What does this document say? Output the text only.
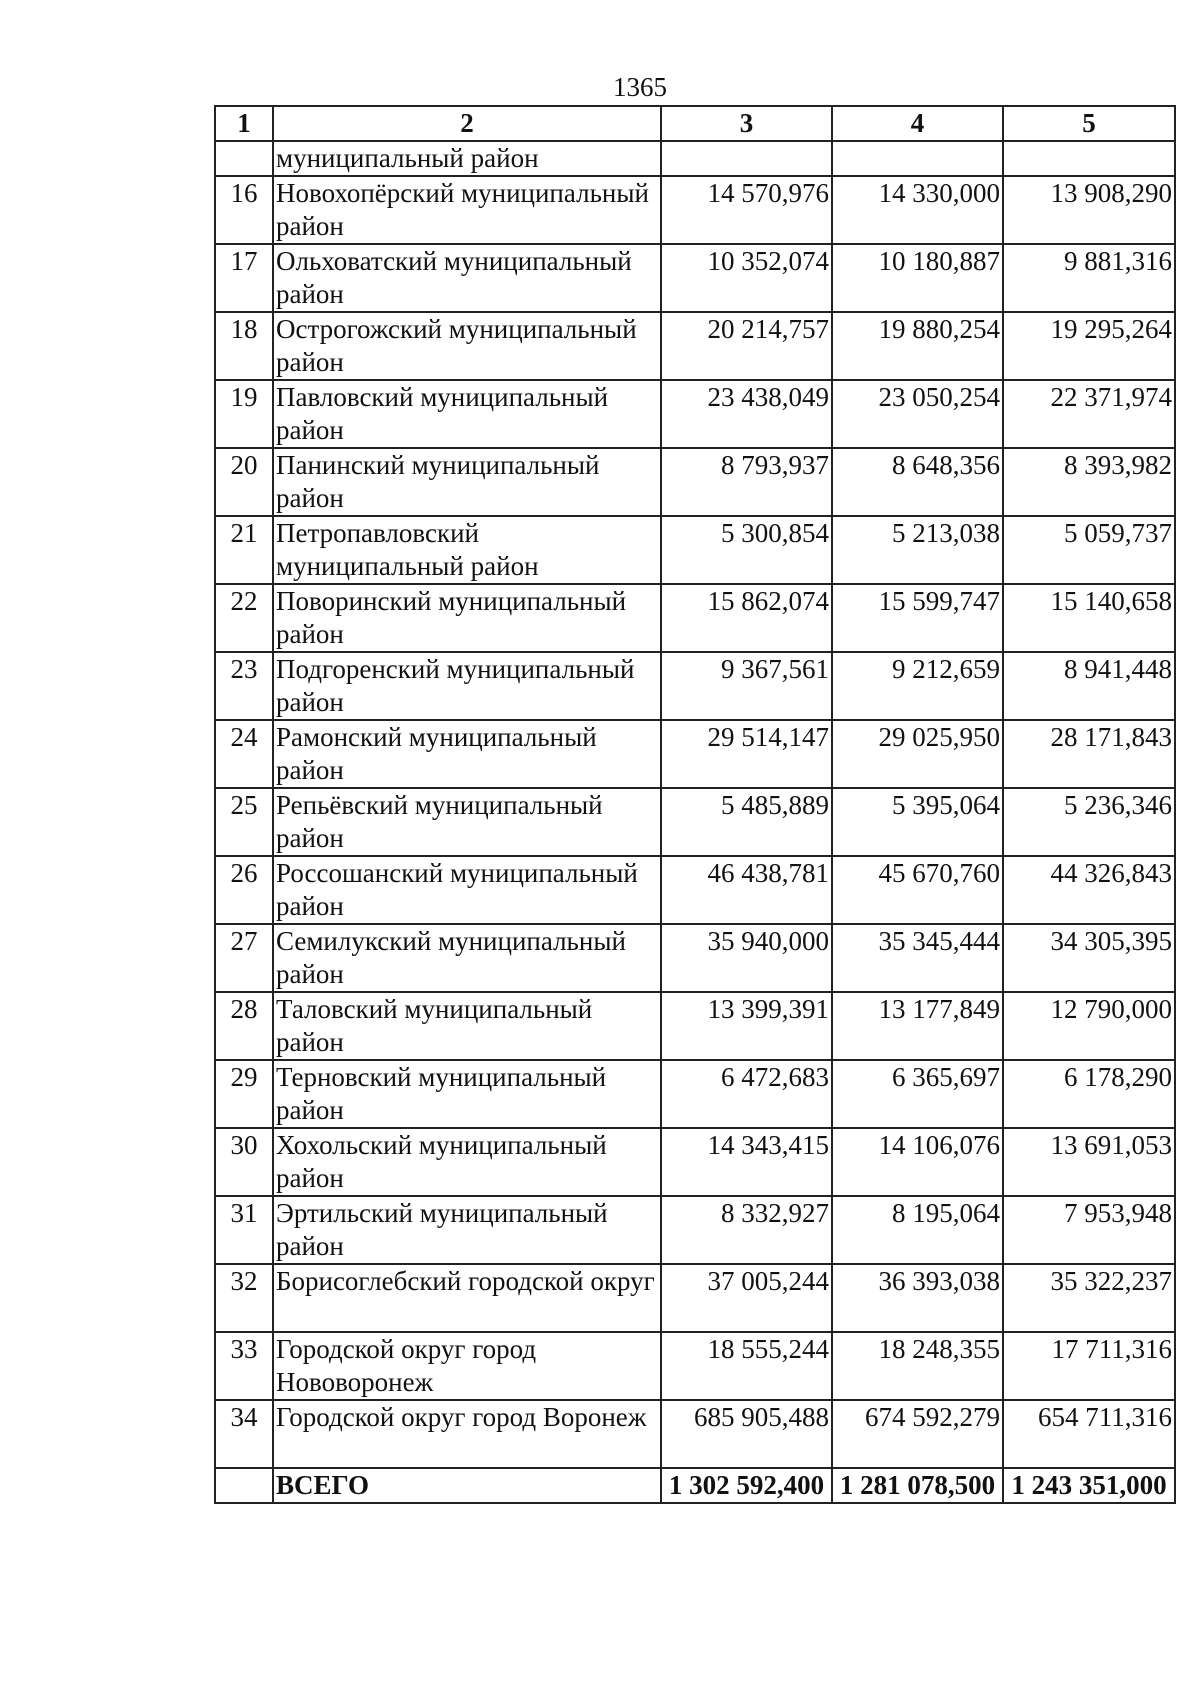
1365
1	2	3	4	5
	муниципальный район			
16	Новохопёрский муниципальный район	14 570,976	14 330,000	13 908,290
17	Ольховатский муниципальный район	10 352,074	10 180,887	9 881,316
18	Острогожский муниципальный район	20 214,757	19 880,254	19 295,264
19	Павловский муниципальный район	23 438,049	23 050,254	22 371,974
20	Панинский муниципальный район	8 793,937	8 648,356	8 393,982
21	Петропавловский муниципальный район	5 300,854	5 213,038	5 059,737
22	Поворинский муниципальный район	15 862,074	15 599,747	15 140,658
23	Подгоренский муниципальный район	9 367,561	9 212,659	8 941,448
24	Рамонский муниципальный район	29 514,147	29 025,950	28 171,843
25	Репьёвский муниципальный район	5 485,889	5 395,064	5 236,346
26	Россошанский муниципальный район	46 438,781	45 670,760	44 326,843
27	Семилукский муниципальный район	35 940,000	35 345,444	34 305,395
28	Таловский муниципальный район	13 399,391	13 177,849	12 790,000
29	Терновский муниципальный район	6 472,683	6 365,697	6 178,290
30	Хохольский муниципальный район	14 343,415	14 106,076	13 691,053
31	Эртильский муниципальный район	8 332,927	8 195,064	7 953,948
32	Борисоглебский городской округ	37 005,244	36 393,038	35 322,237
33	Городской округ город Нововоронеж	18 555,244	18 248,355	17 711,316
34	Городской округ город Воронеж	685 905,488	674 592,279	654 711,316
	ВСЕГО	1 302 592,400	1 281 078,500	1 243 351,000
